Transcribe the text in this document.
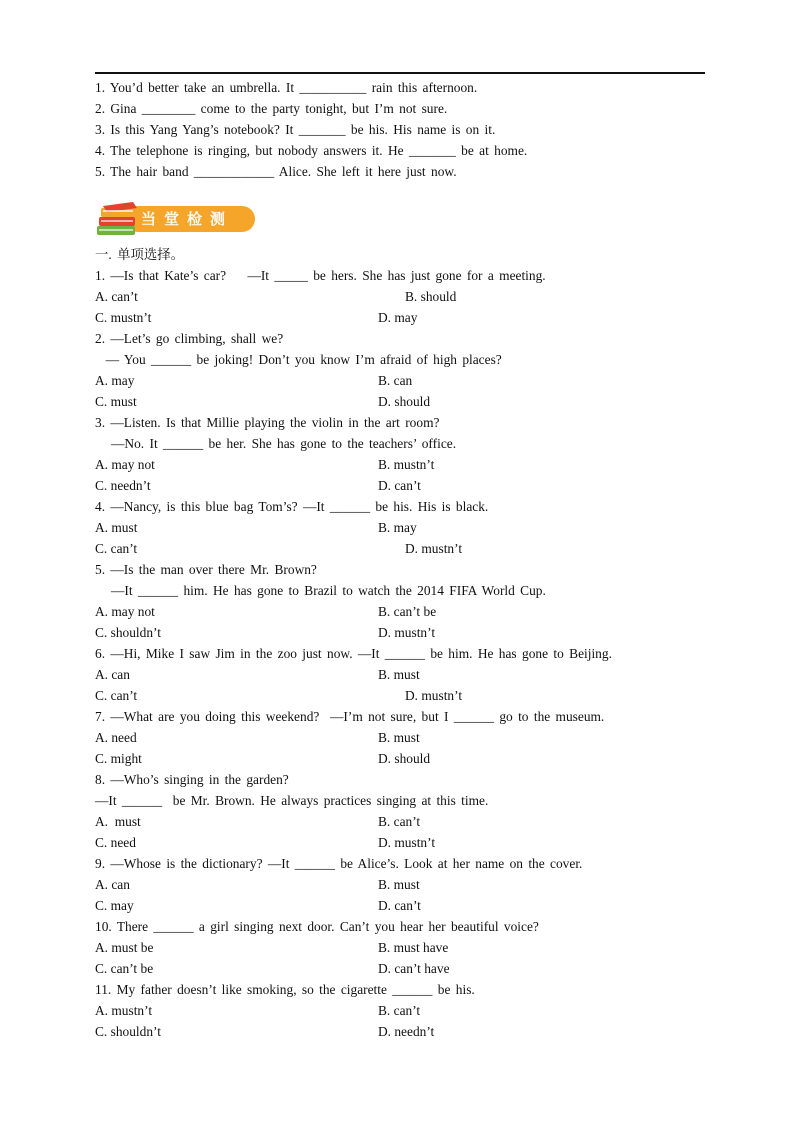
1. You’d better take an umbrella. It __________ rain this afternoon.
2. Gina ________ come to the party tonight, but I’m not sure.
3. Is this Yang Yang’s notebook? It _______ be his. His name is on it.
4. The telephone is ringing, but nobody answers it. He _______ be at home.
5. The hair band ____________ Alice. She left it here just now.
当堂检测
一. 单项选择。
1. —Is that Kate’s car?    —It _____ be hers. She has just gone for a meeting.
A. can’t	B. should
C. mustn’t	D. may
2. —Let’s go climbing, shall we?
— You ______ be joking! Don’t you know I’m afraid of high places?
A. may	B. can
C. must	D. should
3. —Listen. Is that Millie playing the violin in the art room?
—No. It ______ be her. She has gone to the teachers’ office.
A. may not	B. mustn’t
C. needn’t	D. can’t
4. —Nancy, is this blue bag Tom’s? —It ______ be his. His is black.
A. must	B. may
C. can’t	D. mustn’t
5. —Is the man over there Mr. Brown?
—It ______ him. He has gone to Brazil to watch the 2014 FIFA World Cup.
A. may not	B. can’t be
C. shouldn’t	D. mustn’t
6. —Hi, Mike I saw Jim in the zoo just now. —It ______ be him. He has gone to Beijing.
A. can	B. must
C. can’t	D. mustn’t
7. —What are you doing this weekend?  —I’m not sure, but I ______ go to the museum.
A. need	B. must
C. might	D. should
8. —Who’s singing in the garden?
—It ______  be Mr. Brown. He always practices singing at this time.
A.  must	B. can’t
C. need	D. mustn’t
9. —Whose is the dictionary? —It ______ be Alice’s. Look at her name on the cover.
A. can	B. must
C. may	D. can’t
10. There ______ a girl singing next door. Can’t you hear her beautiful voice?
A. must be	B. must have
C. can’t be	D. can’t have
11. My father doesn’t like smoking, so the cigarette ______ be his.
A. mustn’t	B. can’t
C. shouldn’t	D. needn’t
